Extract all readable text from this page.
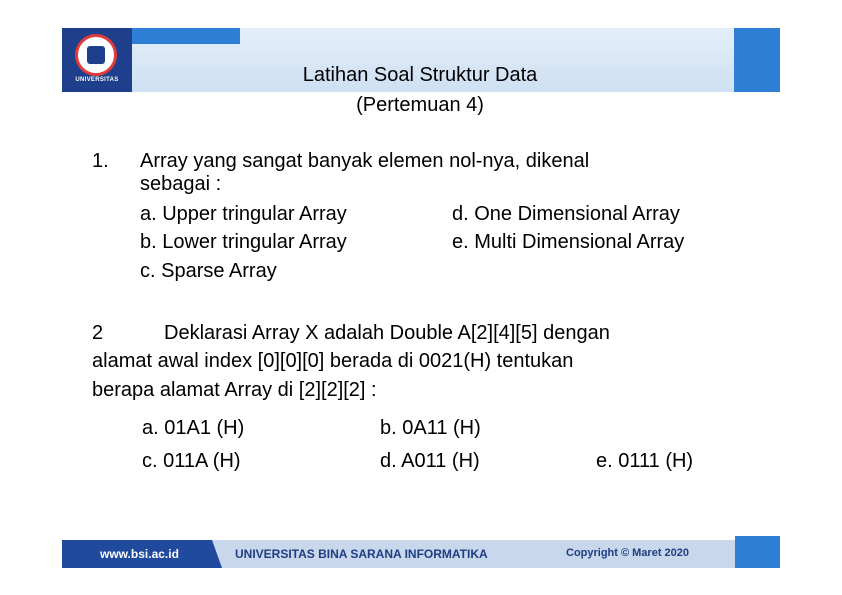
UNIVERSITAS	Latihan Soal Struktur Data
(Pertemuan 4)
1. Array yang sangat banyak elemen nol-nya, dikenal
sebagai :
a. Upper tringular Array
b. Lower tringular Array
c. Sparse Array
d. One Dimensional Array
e. Multi Dimensional Array
2	Deklarasi Array X adalah Double A[2][4][5] dengan
alamat awal index [0][0][0] berada di 0021(H) tentukan
berapa alamat Array di [2][2][2] :
a. 01A1 (H)	b. 0A11 (H)
c. 011A (H)	d. A011 (H)	e. 0111 (H)
www.bsi.ac.id	UNIVERSITAS BINA SARANA INFORMATIKA	Copyright © Maret 2020
